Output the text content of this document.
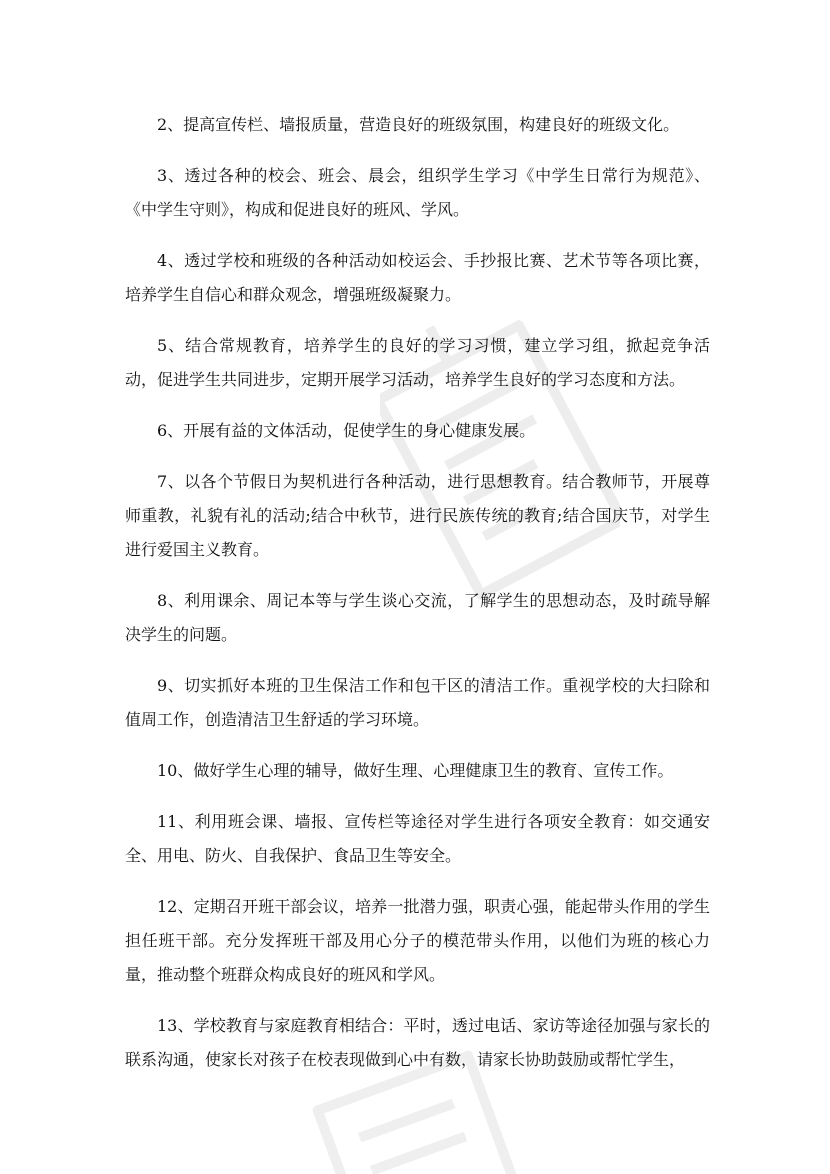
2、提高宣传栏、墙报质量，营造良好的班级氛围，构建良好的班级文化。

3、透过各种的校会、班会、晨会，组织学生学习《中学生日常行为规范》、《中学生守则》，构成和促进良好的班风、学风。

4、透过学校和班级的各种活动如校运会、手抄报比赛、艺术节等各项比赛，培养学生自信心和群众观念，增强班级凝聚力。

5、结合常规教育，培养学生的良好的学习习惯，建立学习组，掀起竞争活动，促进学生共同进步，定期开展学习活动，培养学生良好的学习态度和方法。

6、开展有益的文体活动，促使学生的身心健康发展。

7、以各个节假日为契机进行各种活动，进行思想教育。结合教师节，开展尊师重教，礼貌有礼的活动;结合中秋节，进行民族传统的教育;结合国庆节，对学生进行爱国主义教育。

8、利用课余、周记本等与学生谈心交流，了解学生的思想动态，及时疏导解决学生的问题。

9、切实抓好本班的卫生保洁工作和包干区的清洁工作。重视学校的大扫除和值周工作，创造清洁卫生舒适的学习环境。

10、做好学生心理的辅导，做好生理、心理健康卫生的教育、宣传工作。

11、利用班会课、墙报、宣传栏等途径对学生进行各项安全教育：如交通安全、用电、防火、自我保护、食品卫生等安全。

12、定期召开班干部会议，培养一批潜力强，职责心强，能起带头作用的学生担任班干部。充分发挥班干部及用心分子的模范带头作用，以他们为班的核心力量，推动整个班群众构成良好的班风和学风。

13、学校教育与家庭教育相结合：平时，透过电话、家访等途径加强与家长的联系沟通，使家长对孩子在校表现做到心中有数，请家长协助鼓励或帮忙学生，
